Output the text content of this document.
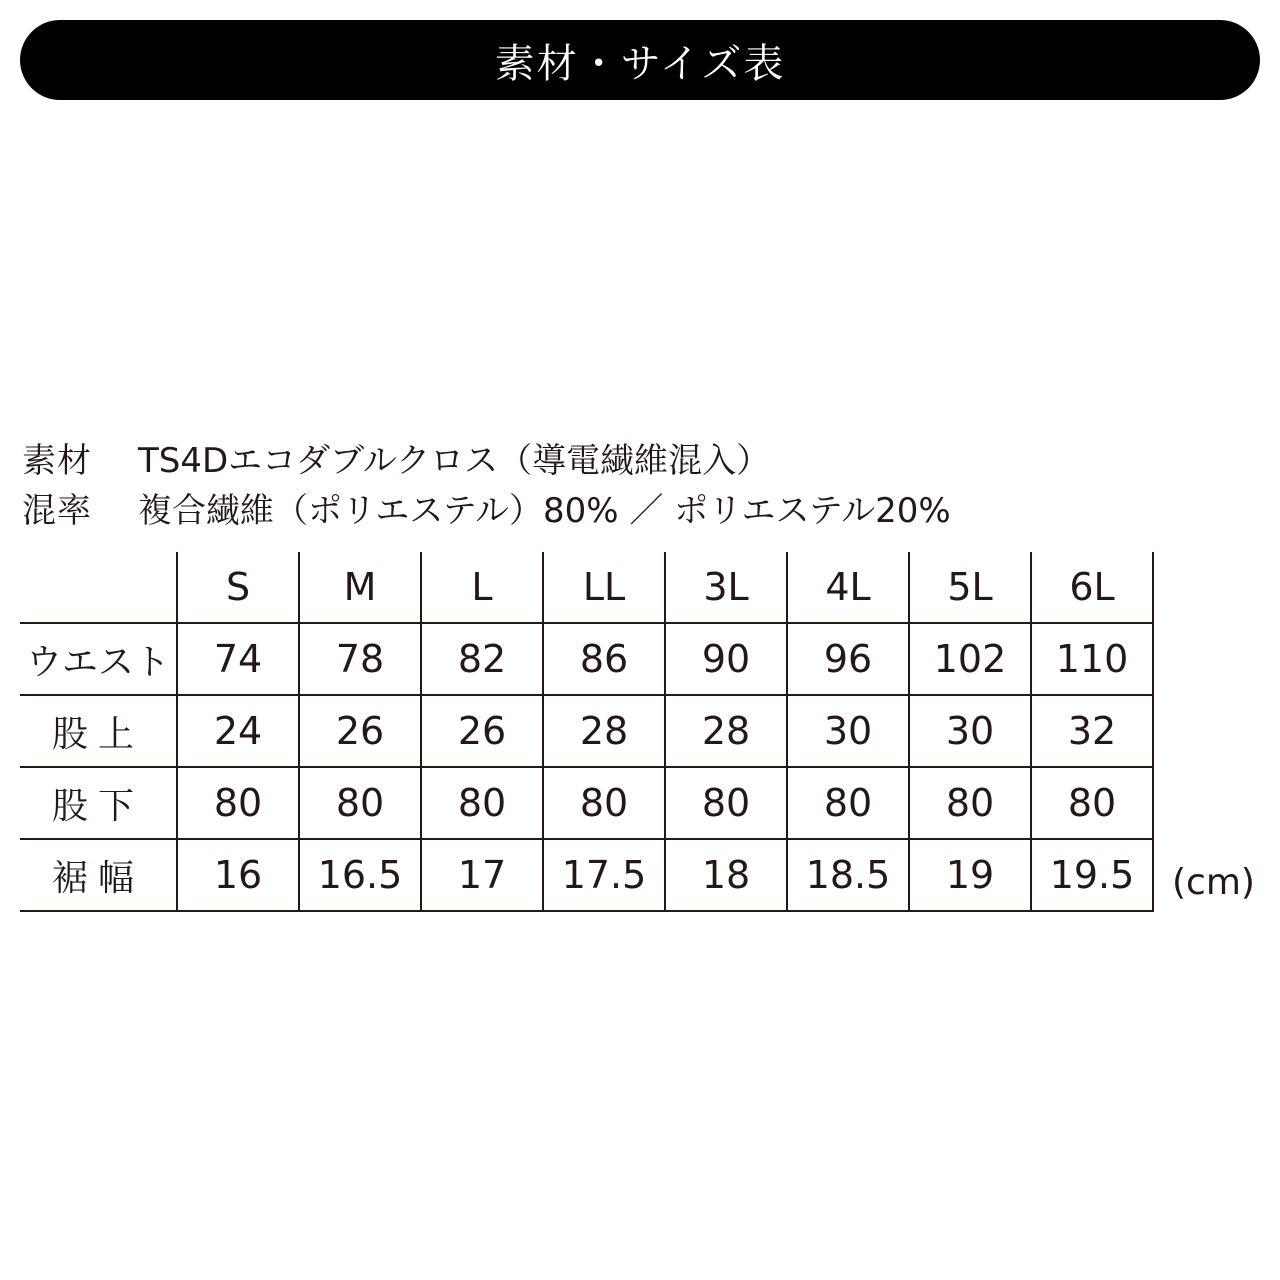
素材・サイズ表
素材	TS4Dエコダブルクロス（導電繊維混入）
混率	複合繊維（ポリエステル）80% ／ ポリエステル20%
	S	M	L	LL	3L	4L	5L	6L
ウエスト	74	78	82	86	90	96	102	110
股上	24	26	26	28	28	30	30	32
股下	80	80	80	80	80	80	80	80
裾幅	16	16.5	17	17.5	18	18.5	19	19.5 (cm)
